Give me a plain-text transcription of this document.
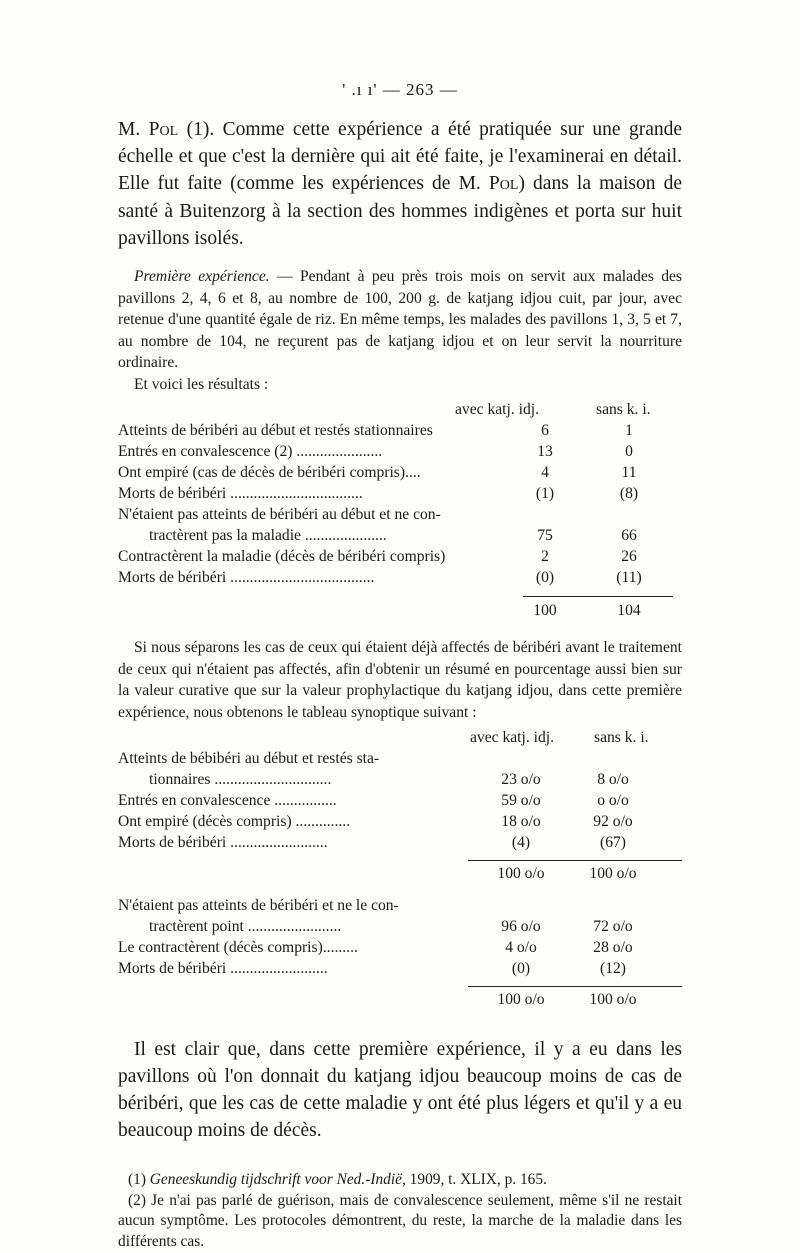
' .ı ı' — 263 —

M. Pol (1). Comme cette expérience a été pratiquée sur une grande échelle et que c'est la dernière qui ait été faite, je l'examinerai en détail. Elle fut faite (comme les expériences de M. Pol) dans la maison de santé à Buitenzorg à la section des hommes indigènes et porta sur huit pavillons isolés.

Première expérience. — Pendant à peu près trois mois on servit aux malades des pavillons 2, 4, 6 et 8, au nombre de 100, 200 g. de katjang idjou cuit, par jour, avec retenue d'une quantité égale de riz. En même temps, les malades des pavillons 1, 3, 5 et 7, au nombre de 104, ne reçurent pas de katjang idjou et on leur servit la nourriture ordinaire.

Et voici les résultats :

avec katj. idj.	sans k. i.
Atteints de béribéri au début et restés stationnaires	6	1
Entrés en convalescence (2) ......................	13	0
Ont empiré (cas de décès de béribéri compris)....	4	11
Morts de béribéri ..................................	(1)	(8)
N'étaient pas atteints de béribéri au début et ne con-
tractèrent pas la maladie .....................	75	66
Contractèrent la maladie (décès de béribéri compris)	2	26
Morts de béribéri .....................................	(0)	(11)
100	104

Si nous séparons les cas de ceux qui étaient déjà affectés de béribéri avant le traitement de ceux qui n'étaient pas affectés, afin d'obtenir un résumé en pourcentage aussi bien sur la valeur curative que sur la valeur prophylactique du katjang idjou, dans cette première expérience, nous obtenons le tableau synoptique suivant :

avec katj. idj.	sans k. i.
Atteints de bébibéri au début et restés sta-
tionnaires ..............................	23 o/o	8 o/o
Entrés en convalescence ................	59 o/o	o o/o
Ont empiré (décès compris) ..............	18 o/o	92 o/o
Morts de béribéri .........................	(4)	(67)
100 o/o	100 o/o
N'étaient pas atteints de béribéri et ne le con-
tractèrent point ........................	96 o/o	72 o/o
Le contractèrent (décès compris).........	4 o/o	28 o/o
Morts de béribéri .........................	(0)	(12)
100 o/o	100 o/o

Il est clair que, dans cette première expérience, il y a eu dans les pavillons où l'on donnait du katjang idjou beaucoup moins de cas de béribéri, que les cas de cette maladie y ont été plus légers et qu'il y a eu beaucoup moins de décès.

(1) Geneeskundig tijdschrift voor Ned.-Indië, 1909, t. XLIX, p. 165.

(2) Je n'ai pas parlé de guérison, mais de convalescence seulement, même s'il ne restait aucun symptôme. Les protocoles démontrent, du reste, la marche de la maladie dans les différents cas.
